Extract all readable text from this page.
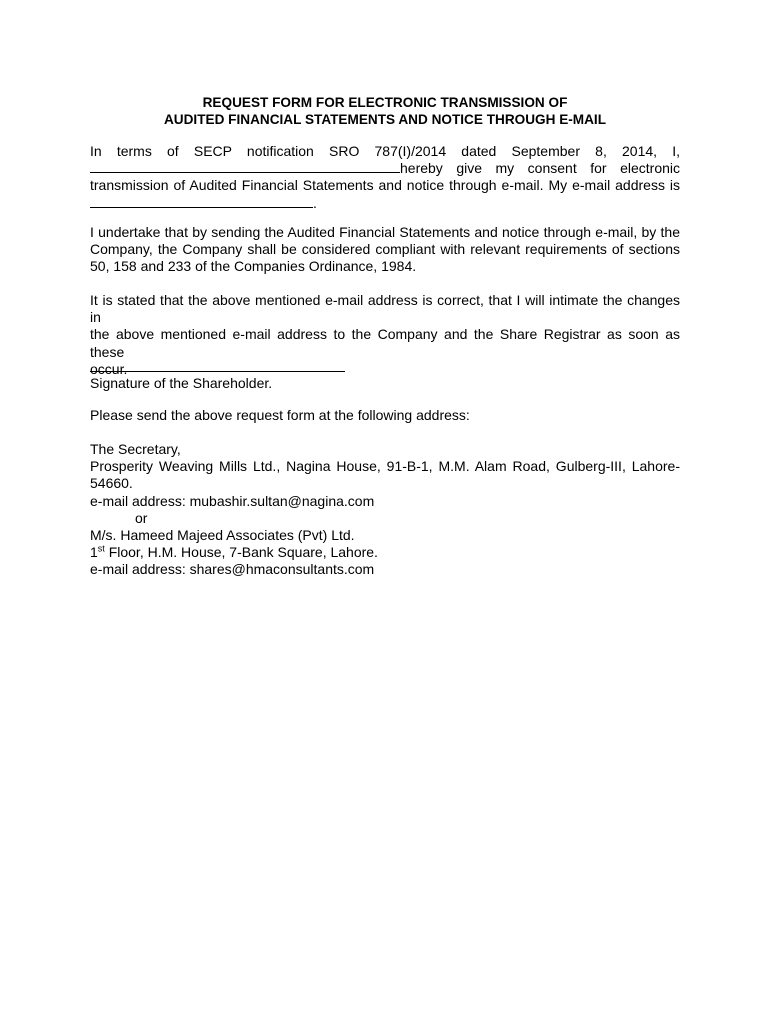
REQUEST FORM FOR ELECTRONIC TRANSMISSION OF
AUDITED FINANCIAL STATEMENTS AND NOTICE THROUGH E-MAIL
In terms of SECP notification SRO 787(I)/2014 dated September 8, 2014, I,
hereby give my consent for electronic
transmission of Audited Financial Statements and notice through e-mail. My e-mail address is
.
I undertake that by sending the Audited Financial Statements and notice through e-mail, by the
Company, the Company shall be considered compliant with relevant requirements of sections
50, 158 and 233 of the Companies Ordinance, 1984.
It is stated that the above mentioned e-mail address is correct, that I will intimate the changes in
the above mentioned e-mail address to the Company and the Share Registrar as soon as these
occur.
Signature of the Shareholder.
Please send the above request form at the following address:
The Secretary,
Prosperity Weaving Mills Ltd., Nagina House, 91-B-1, M.M. Alam Road, Gulberg-III, Lahore-
54660.
e-mail address: mubashir.sultan@nagina.com
or
M/s. Hameed Majeed Associates (Pvt) Ltd.
1st Floor, H.M. House, 7-Bank Square, Lahore.
e-mail address: shares@hmaconsultants.com
